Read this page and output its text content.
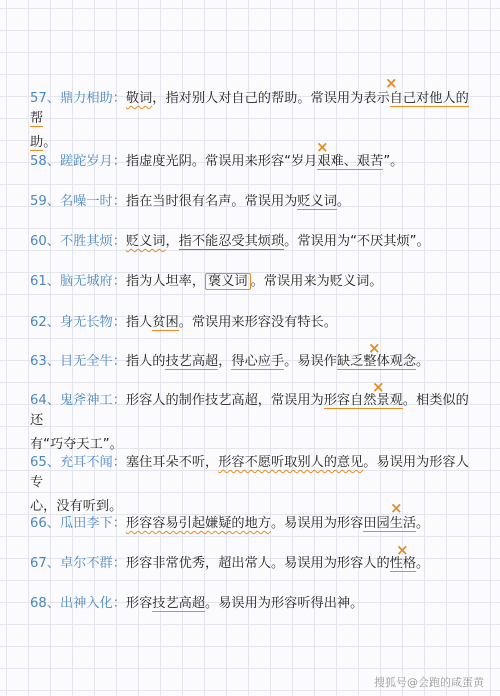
57、鼎力相助：敬词，指对别人对自己的帮助。常误用为表示自己对他人的帮
助。
58、蹉跎岁月：指虚度光阴。常误用来形容“岁月艰难、艰苦”。
59、名噪一时：指在当时很有名声。常误用为贬义词。
60、不胜其烦：贬义词，指不能忍受其烦琐。常误用为“不厌其烦”。
61、脑无城府：指为人坦率， 褒义词 。常误用来为贬义词。
62、身无长物：指人贫困。常误用来形容没有特长。
63、目无全牛：指人的技艺高超，得心应手。易误作缺乏整体观念。
64、鬼斧神工：形容人的制作技艺高超，常误用为形容自然景观。相类似的还
有“巧夺天工”。
65、充耳不闻：塞住耳朵不听，形容不愿听取别人的意见。易误用为形容人专
心，没有听到。
66、瓜田李下：形容容易引起嫌疑的地方。易误用为形容田园生活。
67、卓尔不群：形容非常优秀，超出常人。易误用为形容人的性格。
68、出神入化：形容技艺高超。易误用为形容听得出神。
×
×
×
×
×
×
搜狐号@会跑的咸蛋黄
